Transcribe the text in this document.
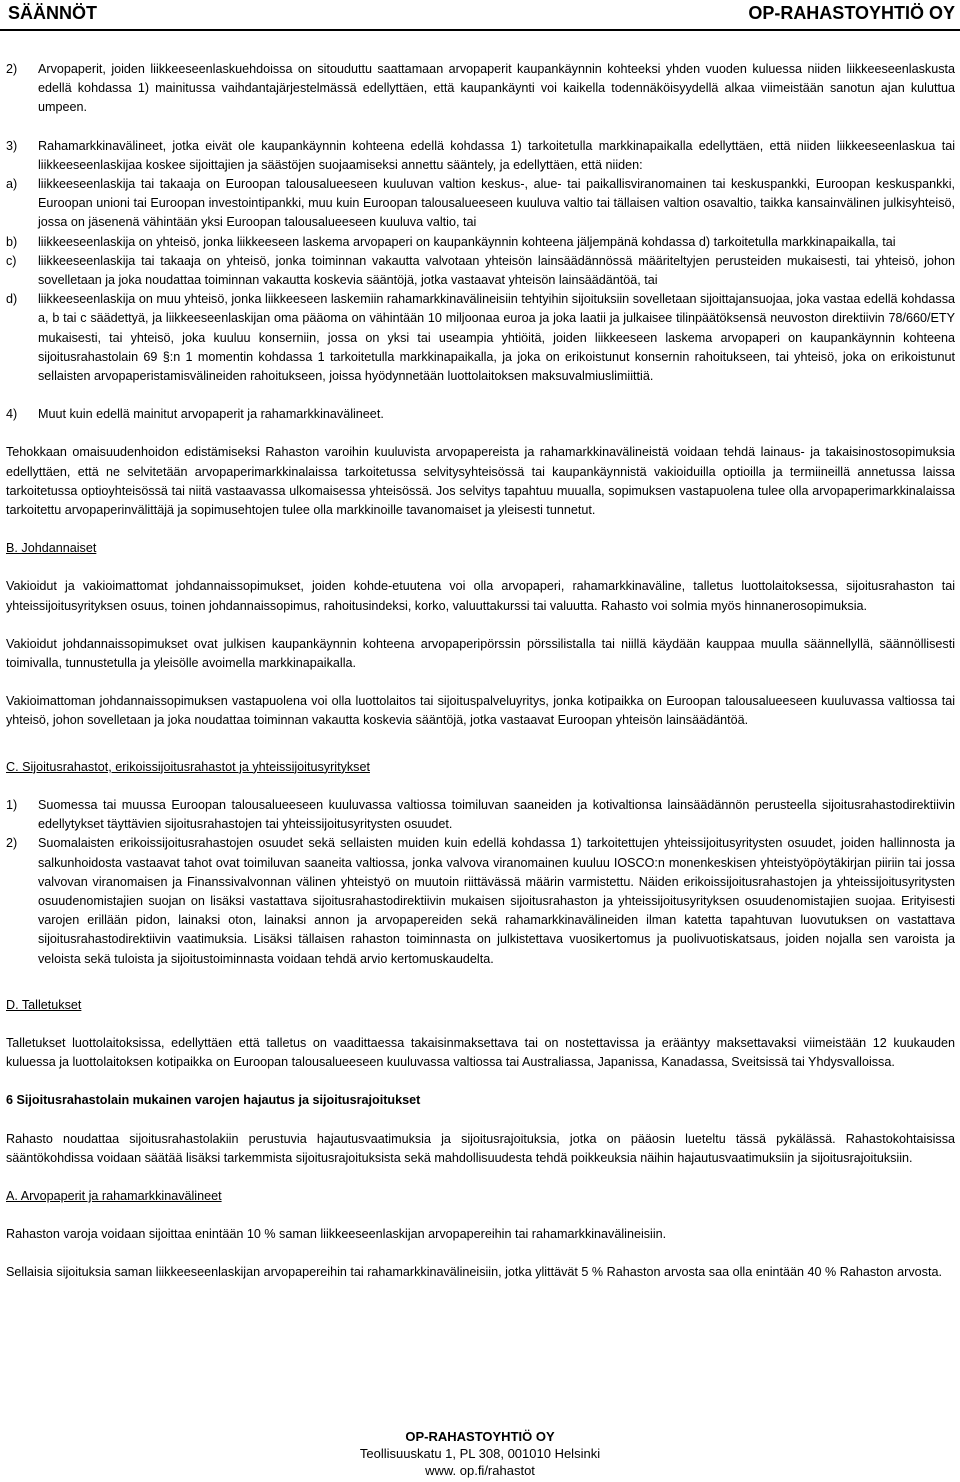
SÄÄNNÖT	OP-RAHASTOYHTIÖ OY
2)	Arvopaperit, joiden liikkeeseenlaskuehdoissa on sitouduttu saattamaan arvopaperit kaupankäynnin kohteeksi yhden vuoden kuluessa niiden liikkeeseenlaskusta edellä kohdassa 1) mainitussa vaihdantajärjestelmässä edellyttäen, että kaupankäynti voi kaikella todennäköisyydellä alkaa viimeistään sanotun ajan kuluttua umpeen.
3)	Rahamarkkinavälineet, jotka eivät ole kaupankäynnin kohteena edellä kohdassa 1) tarkoitetulla markkinapaikalla edellyttäen, että niiden liikkeeseenlaskua tai liikkeeseenlaskijaa koskee sijoittajien ja säästöjen suojaamiseksi annettu sääntely, ja edellyttäen, että niiden:
a)	liikkeeseenlaskija tai takaaja on Euroopan talousalueeseen kuuluvan valtion keskus-, alue- tai paikallisviranomainen tai keskuspankki, Euroopan keskuspankki, Euroopan unioni tai Euroopan investointipankki, muu kuin Euroopan talousalueeseen kuuluva valtio tai tällaisen valtion osavaltio, taikka kansainvälinen julkisyhteisö, jossa on jäsenenä vähintään yksi Euroopan talousalueeseen kuuluva valtio, tai
b)	liikkeeseenlaskija on yhteisö, jonka liikkeeseen laskema arvopaperi on kaupankäynnin kohteena jäljempänä kohdassa d) tarkoitetulla markkinapaikalla, tai
c)	liikkeeseenlaskija tai takaaja on yhteisö, jonka toiminnan vakautta valvotaan yhteisön lainsäädännössä määriteltyjen perusteiden mukaisesti, tai yhteisö, johon sovelletaan ja joka noudattaa toiminnan vakautta koskevia sääntöjä, jotka vastaavat yhteisön lainsäädäntöä, tai
d)	liikkeeseenlaskija on muu yhteisö, jonka liikkeeseen laskemiin rahamarkkinavälineisiin tehtyihin sijoituksiin sovelletaan sijoittajansuojaa, joka vastaa edellä kohdassa a, b tai c säädettyä, ja liikkeeseenlaskijan oma pääoma on vähintään 10 miljoonaa euroa ja joka laatii ja julkaisee tilinpäätöksensä neuvoston direktiivin 78/660/ETY mukaisesti, tai yhteisö, joka kuuluu konserniin, jossa on yksi tai useampia yhtiöitä, joiden liikkeeseen laskema arvopaperi on kaupankäynnin kohteena sijoitusrahastolain 69 §:n 1 momentin kohdassa 1 tarkoitetulla markkinapaikalla, ja joka on erikoistunut konsernin rahoitukseen, tai yhteisö, joka on erikoistunut sellaisten arvopaperistamisvälineiden rahoitukseen, joissa hyödynnetään luottolaitoksen maksuvalmiuslimiittiä.
4)	Muut kuin edellä mainitut arvopaperit ja rahamarkkinavälineet.

Tehokkaan omaisuudenhoidon edistämiseksi Rahaston varoihin kuuluvista arvopapereista ja rahamarkkinavälineistä voidaan tehdä lainaus- ja takaisinostosopimuksia edellyttäen, että ne selvitetään arvopaperimarkkinalaissa tarkoitetussa selvitysyhteisössä tai kaupankäynnistä vakioiduilla optioilla ja termiineillä annetussa laissa tarkoitetussa optioyhteisössä tai niitä vastaavassa ulkomaisessa yhteisössä. Jos selvitys tapahtuu muualla, sopimuksen vastapuolena tulee olla arvopaperimarkkinalaissa tarkoitettu arvopaperinvälittäjä ja sopimusehtojen tulee olla markkinoille tavanomaiset ja yleisesti tunnetut.

B. Johdannaiset

Vakioidut ja vakioimattomat johdannaissopimukset, joiden kohde-etuutena voi olla arvopaperi, rahamarkkinaväline, talletus luottolaitoksessa, sijoitusrahaston tai yhteissijoitusyrityksen osuus, toinen johdannaissopimus, rahoitusindeksi, korko, valuuttakurssi tai valuutta. Rahasto voi solmia myös hinnanerosopimuksia.

Vakioidut johdannaissopimukset ovat julkisen kaupankäynnin kohteena arvopaperipörssin pörssilistalla tai niillä käydään kauppaa muulla säännellyllä, säännöllisesti toimivalla, tunnustetulla ja yleisölle avoimella markkinapaikalla.

Vakioimattoman johdannaissopimuksen vastapuolena voi olla luottolaitos tai sijoituspalveluyritys, jonka kotipaikka on Euroopan talousalueeseen kuuluvassa valtiossa tai yhteisö, johon sovelletaan ja joka noudattaa toiminnan vakautta koskevia sääntöjä, jotka vastaavat Euroopan yhteisön lainsäädäntöä.

C. Sijoitusrahastot, erikoissijoitusrahastot ja yhteissijoitusyritykset

1)	Suomessa tai muussa Euroopan talousalueeseen kuuluvassa valtiossa toimiluvan saaneiden ja kotivaltionsa lainsäädännön perusteella sijoitusrahastodirektiivin edellytykset täyttävien sijoitusrahastojen tai yhteissijoitusyritysten osuudet.
2)	Suomalaisten erikoissijoitusrahastojen osuudet sekä sellaisten muiden kuin edellä kohdassa 1) tarkoitettujen yhteissijoitusyritysten osuudet, joiden hallinnosta ja salkunhoidosta vastaavat tahot ovat toimiluvan saaneita valtiossa, jonka valvova viranomainen kuuluu IOSCO:n monenkeskisen yhteistyöpöytäkirjan piiriin tai jossa valvovan viranomaisen ja Finanssivalvonnan välinen yhteistyö on muutoin riittävässä määrin varmistettu. Näiden erikoissijoitusrahastojen ja yhteissijoitusyritysten osuudenomistajien suojan on lisäksi vastattava sijoitusrahastodirektiivin mukaisen sijoitusrahaston ja yhteissijoitusyrityksen osuudenomistajien suojaa. Erityisesti varojen erillään pidon, lainaksi oton, lainaksi annon ja arvopapereiden sekä rahamarkkinavälineiden ilman katetta tapahtuvan luovutuksen on vastattava sijoitusrahastodirektiivin vaatimuksia. Lisäksi tällaisen rahaston toiminnasta on julkistettava vuosikertomus ja puolivuotiskatsaus, joiden nojalla sen varoista ja veloista sekä tuloista ja sijoitustoiminnasta voidaan tehdä arvio kertomuskaudelta.

D. Talletukset

Talletukset luottolaitoksissa, edellyttäen että talletus on vaadittaessa takaisinmaksettava tai on nostettavissa ja erääntyy maksettavaksi viimeistään 12 kuukauden kuluessa ja luottolaitoksen kotipaikka on Euroopan talousalueeseen kuuluvassa valtiossa tai Australiassa, Japanissa, Kanadassa, Sveitsissä tai Yhdysvalloissa.

6 Sijoitusrahastolain mukainen varojen hajautus ja sijoitusrajoitukset

Rahasto noudattaa sijoitusrahastolakiin perustuvia hajautusvaatimuksia ja sijoitusrajoituksia, jotka on pääosin lueteltu tässä pykälässä. Rahastokohtaisissa sääntökohdissa voidaan säätää lisäksi tarkemmista sijoitusrajoituksista sekä mahdollisuudesta tehdä poikkeuksia näihin hajautusvaatimuksiin ja sijoitusrajoituksiin.

A. Arvopaperit ja rahamarkkinavälineet

Rahaston varoja voidaan sijoittaa enintään 10 % saman liikkeeseenlaskijan arvopapereihin tai rahamarkkinavälineisiin.

Sellaisia sijoituksia saman liikkeeseenlaskijan arvopapereihin tai rahamarkkinavälineisiin, jotka ylittävät 5 % Rahaston arvosta saa olla enintään 40 % Rahaston arvosta.

OP-RAHASTOYHTIÖ OY
Teollisuuskatu 1, PL 308, 001010 Helsinki
www. op.fi/rahastot
